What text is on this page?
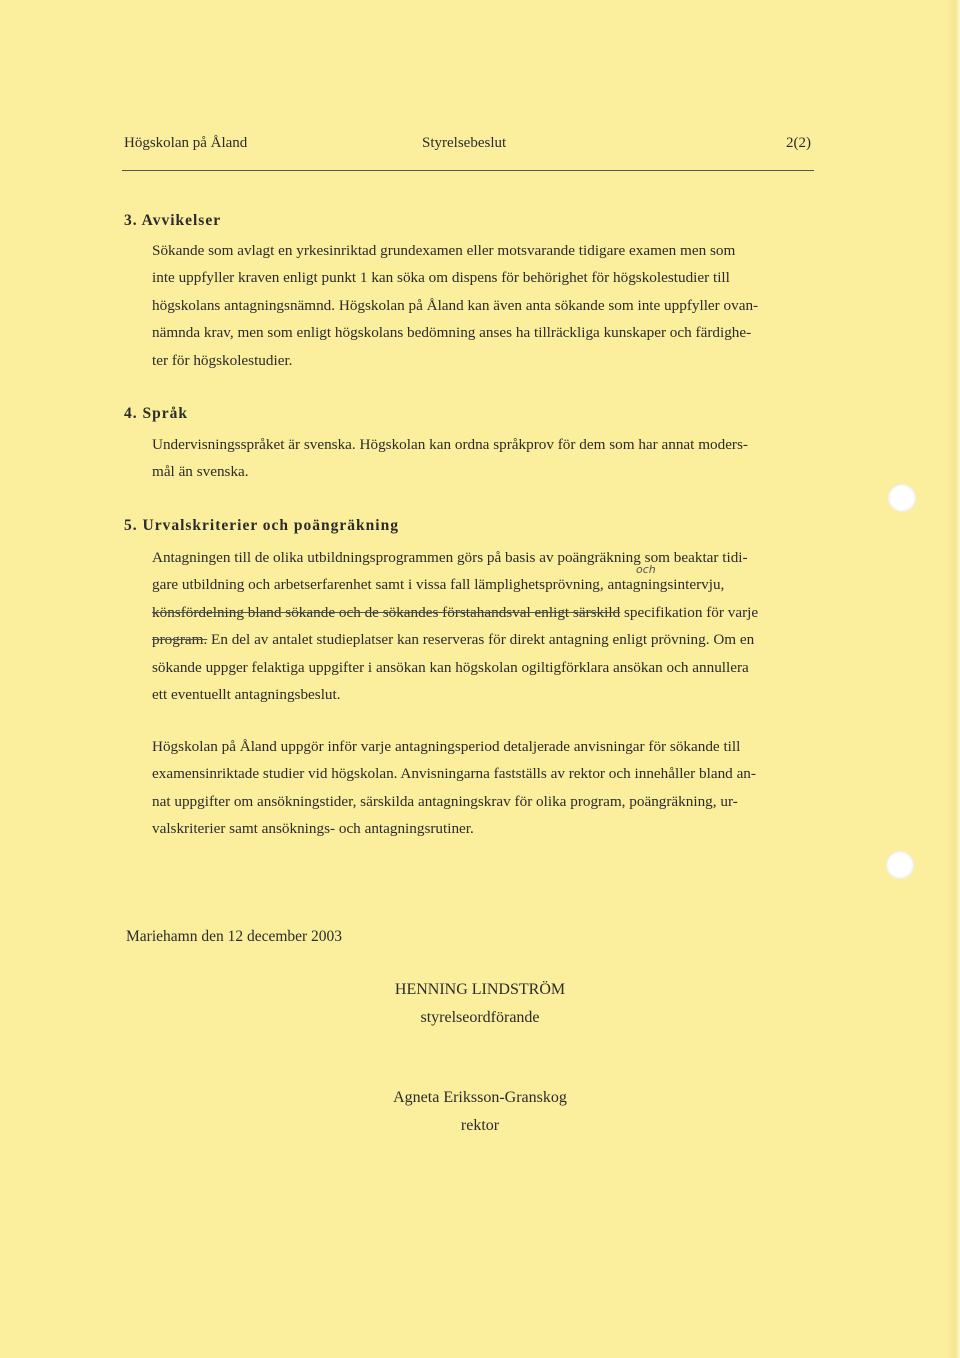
Högskolan på Åland	Styrelsebeslut	2(2)
3. Avvikelser

Sökande som avlagt en yrkesinriktad grundexamen eller motsvarande tidigare examen men som
inte uppfyller kraven enligt punkt 1 kan söka om dispens för behörighet för högskolestudier till
högskolans antagningsnämnd. Högskolan på Åland kan även anta sökande som inte uppfyller ovan-
nämnda krav, men som enligt högskolans bedömning anses ha tillräckliga kunskaper och färdighe-
ter för högskolestudier.

4. Språk

Undervisningsspråket är svenska. Högskolan kan ordna språkprov för dem som har annat moders-
mål än svenska.

5. Urvalskriterier och poängräkning
och

Antagningen till de olika utbildningsprogrammen görs på basis av poängräkning som beaktar tidi-
gare utbildning och arbetserfarenhet samt i vissa fall lämplighetsprövning, antagningsintervju,
könsfördelning bland sökande och de sökandes förstahandsval enligt särskild specifikation för varje
program. En del av antalet studieplatser kan reserveras för direkt antagning enligt prövning. Om en
sökande uppger felaktiga uppgifter i ansökan kan högskolan ogiltigförklara ansökan och annullera
ett eventuellt antagningsbeslut.

Högskolan på Åland uppgör inför varje antagningsperiod detaljerade anvisningar för sökande till
examensinriktade studier vid högskolan. Anvisningarna fastställs av rektor och innehåller bland an-
nat uppgifter om ansökningstider, särskilda antagningskrav för olika program, poängräkning, ur-
valskriterier samt ansöknings- och antagningsrutiner.

Mariehamn den 12 december 2003
HENNING LINDSTRÖM
styrelseordförande
Agneta Eriksson-Granskog
rektor
